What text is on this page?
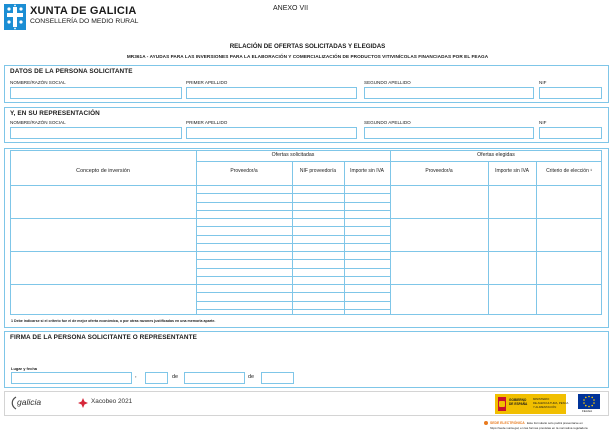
XUNTA DE GALICIA
CONSELLERÍA DO MEDIO RURAL
ANEXO VII
RELACIÓN DE OFERTAS SOLICITADAS Y ELEGIDAS
MR361A - AYUDAS PARA LAS INVERSIONES PARA LA ELABORACIÓN Y COMERCIALIZACIÓN DE PRODUCTOS VITIVINÍCOLAS FINANCIADAS POR EL FEAGA
DATOS DE LA PERSONA SOLICITANTE
NOMBRE/RAZÓN SOCIAL	PRIMER APELLIDO	SEGUNDO APELLIDO	NIF
Y, EN SU REPRESENTACIÓN
NOMBRE/RAZÓN SOCIAL	PRIMER APELLIDO	SEGUNDO APELLIDO	NIF
Concepto de inversión
Ofertas solicitadas	Ofertas elegidas
Proveedor/a	NIF proveedor/a	Importe sin IVA	Proveedor/a	Importe sin IVA	Criterio de elección ¹
1 Debe indicarse si el criterio fue el de mejor oferta económica, o por otras razones justificadas en una memoria aparte.
FIRMA DE LA PERSONA SOLICITANTE O REPRESENTANTE
Lugar y fecha
,	de	de
galicia	Xacobeo 2021	GOBIERNO
DE ESPAÑA
MINISTERIO
DE AGRICULTURA, PESCA
Y ALIMENTACIÓN
FEAGA
SEDE ELECTRÓNICA Este formulario solo podrá presentarse en
https://sede.xunta.gal, en las formas previstas en la normativa reguladora
